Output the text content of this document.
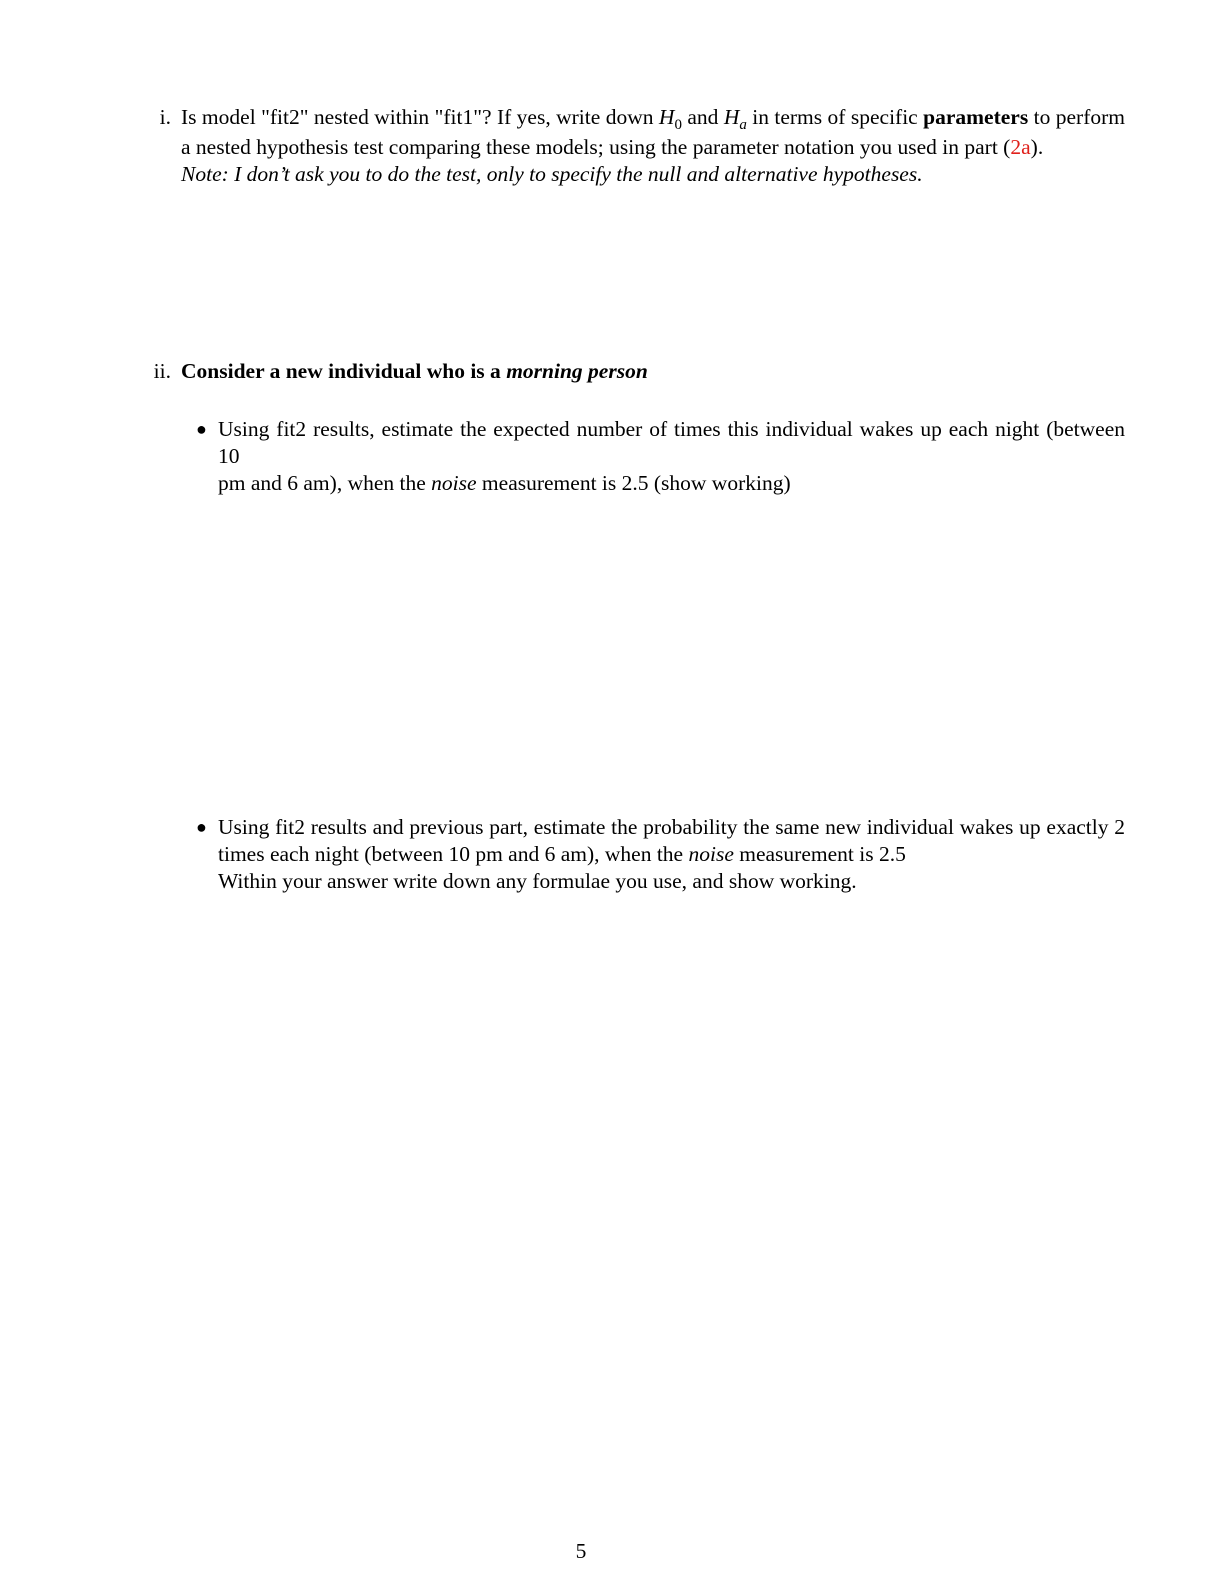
i. Is model "fit2" nested within "fit1"? If yes, write down $H_0$ and $H_a$ in terms of specific parameters to perform
a nested hypothesis test comparing these models; using the parameter notation you used in part (2a).
Note: I don’t ask you to do the test, only to specify the null and alternative hypotheses.
ii. Consider a new individual who is a morning person
● Using fit2 results, estimate the expected number of times this individual wakes up each night (between 10
pm and 6 am), when the noise measurement is 2.5 (show working)
● Using fit2 results and previous part, estimate the probability the same new individual wakes up exactly 2
times each night (between 10 pm and 6 am), when the noise measurement is 2.5
Within your answer write down any formulae you use, and show working.
5
